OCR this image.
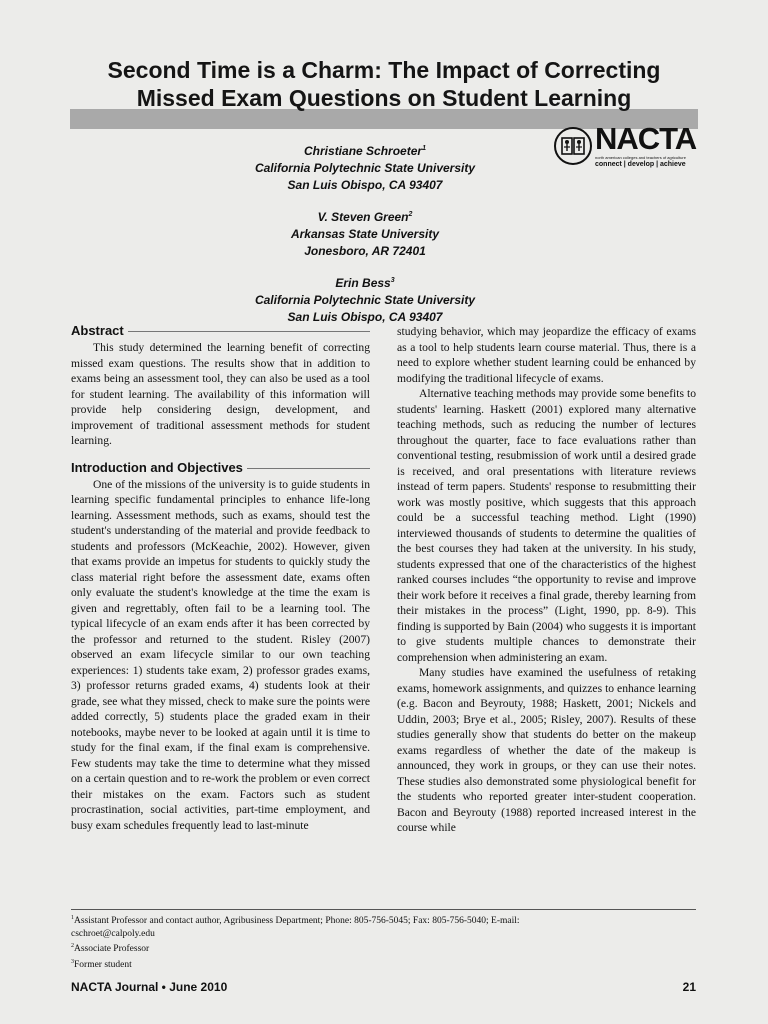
Second Time is a Charm: The Impact of Correcting
Missed Exam Questions on Student Learning
NACTA
north american colleges and teachers of agriculture
connect | develop | achieve
Christiane Schroeter$^1$
California Polytechnic State University
San Luis Obispo, CA 93407
V. Steven Green$^2$
Arkansas State University
Jonesboro, AR 72401
Erin Bess$^3$
California Polytechnic State University
San Luis Obispo, CA 93407
Abstract

This study determined the learning benefit of correcting missed exam questions. The results show that in addition to exams being an assessment tool, they can also be used as a tool for student learning. The availability of this information will provide help considering design, development, and improvement of traditional assessment methods for student learning.

Introduction and Objectives

One of the missions of the university is to guide students in learning specific fundamental principles to enhance life-long learning. Assessment methods, such as exams, should test the student's understanding of the material and provide feedback to students and professors (McKeachie, 2002). However, given that exams provide an impetus for students to quickly study the class material right before the assessment date, exams often only evaluate the student's knowledge at the time the exam is given and regrettably, often fail to be a learning tool. The typical lifecycle of an exam ends after it has been corrected by the professor and returned to the student. Risley (2007) observed an exam lifecycle similar to our own teaching experiences: 1) students take exam, 2) professor grades exams, 3) professor returns graded exams, 4) students look at their grade, see what they missed, check to make sure the points were added correctly, 5) students place the graded exam in their notebooks, maybe never to be looked at again until it is time to study for the final exam, if the final exam is comprehensive. Few students may take the time to determine what they missed on a certain question and to re-work the problem or even correct their mistakes on the exam. Factors such as student procrastination, social activities, part-time employment, and busy exam schedules frequently lead to last-minute

studying behavior, which may jeopardize the efficacy of exams as a tool to help students learn course material. Thus, there is a need to explore whether student learning could be enhanced by modifying the traditional lifecycle of exams.

Alternative teaching methods may provide some benefits to students' learning. Haskett (2001) explored many alternative teaching methods, such as reducing the number of lectures throughout the quarter, face to face evaluations rather than conventional testing, resubmission of work until a desired grade is received, and oral presentations with literature reviews instead of term papers. Students' response to resubmitting their work was mostly positive, which suggests that this approach could be a successful teaching method. Light (1990) interviewed thousands of students to determine the qualities of the best courses they had taken at the university. In his study, students expressed that one of the characteristics of the highest ranked courses includes “the opportunity to revise and improve their work before it receives a final grade, thereby learning from their mistakes in the process” (Light, 1990, pp. 8-9). This finding is supported by Bain (2004) who suggests it is important to give students multiple chances to demonstrate their comprehension when administering an exam.

Many studies have examined the usefulness of retaking exams, homework assignments, and quizzes to enhance learning (e.g. Bacon and Beyrouty, 1988; Haskett, 2001; Nickels and Uddin, 2003; Brye et al., 2005; Risley, 2007). Results of these studies generally show that students do better on the makeup exams regardless of whether the date of the makeup is announced, they work in groups, or they can use their notes. These studies also demonstrated some physiological benefit for the students who reported greater inter-student cooperation. Bacon and Beyrouty (1988) reported increased interest in the course while

$^1$Assistant Professor and contact author, Agribusiness Department; Phone: 805-756-5045; Fax: 805-756-5040; E-mail:
cschroet@calpoly.edu
$^2$Associate Professor
$^3$Former student
NACTA Journal • June 2010	21
